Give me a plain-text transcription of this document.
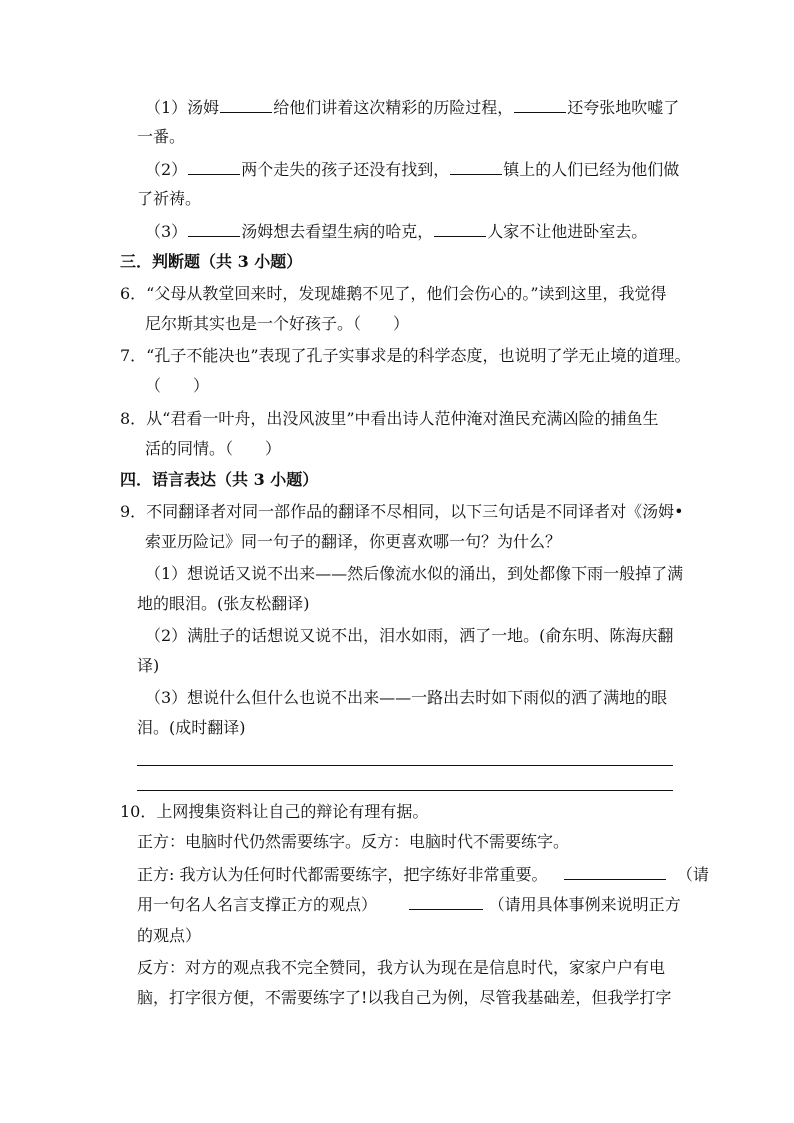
（1）汤姆	给他们讲着这次精彩的历险过程，	还夸张地吹嘘了
一番。
（2）	两个走失的孩子还没有找到，	镇上的人们已经为他们做
了祈祷。
（3）	汤姆想去看望生病的哈克，	人家不让他进卧室去。
三．判断题（共 3 小题）
6．“父母从教堂回来时，发现雄鹅不见了，他们会伤心的。”读到这里，我觉得
尼尔斯其实也是一个好孩子。（　　）
7．“孔子不能决也”表现了孔子实事求是的科学态度，也说明了学无止境的道理。
（　　）
8．从“君看一叶舟，出没风波里”中看出诗人范仲淹对渔民充满凶险的捕鱼生
活的同情。（　　）
四．语言表达（共 3 小题）
9．不同翻译者对同一部作品的翻译不尽相同，以下三句话是不同译者对《汤姆•
索亚历险记》同一句子的翻译，你更喜欢哪一句？为什么？
（1）想说话又说不出来——然后像流水似的涌出，到处都像下雨一般掉了满
地的眼泪。(张友松翻译)
（2）满肚子的话想说又说不出，泪水如雨，洒了一地。(俞东明、陈海庆翻
译)
（3）想说什么但什么也说不出来——一路出去时如下雨似的洒了满地的眼
泪。(成时翻译)
10．上网搜集资料让自己的辩论有理有据。
正方：电脑时代仍然需要练字。反方：电脑时代不需要练字。
正方: 我方认为任何时代都需要练字，把字练好非常重要。	（请
用一句名人名言支撑正方的观点）	（请用具体事例来说明正方
的观点）
反方：对方的观点我不完全赞同，我方认为现在是信息时代，家家户户有电
脑，打字很方便，不需要练字了!以我自己为例，尽管我基础差，但我学打字
